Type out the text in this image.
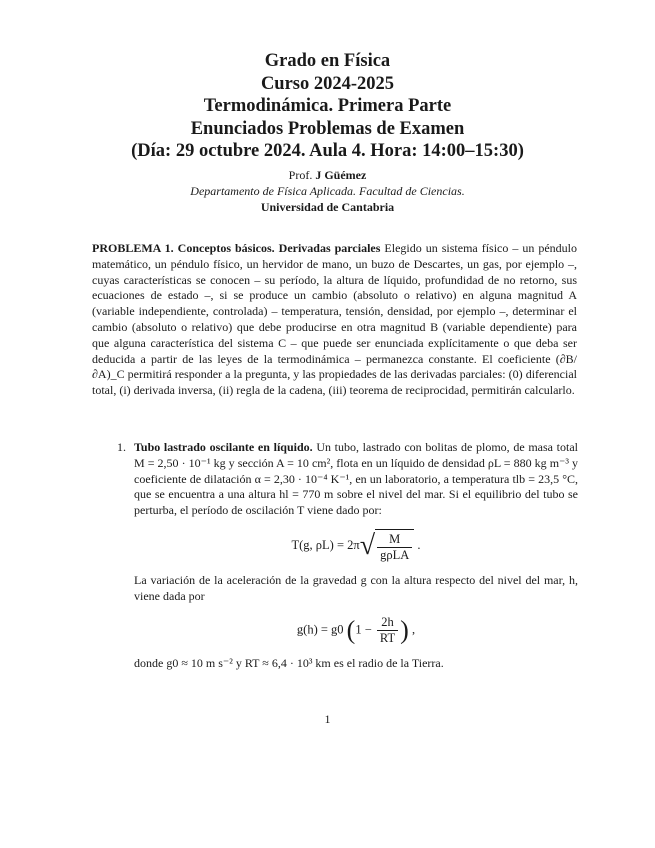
Grado en Física
Curso 2024-2025
Termodinámica. Primera Parte
Enunciados Problemas de Examen
(Día: 29 octubre 2024. Aula 4. Hora: 14:00–15:30)
Prof. J Güémez
Departamento de Física Aplicada. Facultad de Ciencias.
Universidad de Cantabria
PROBLEMA 1. Conceptos básicos. Derivadas parciales Elegido un sistema físico – un péndulo matemático, un péndulo físico, un hervidor de mano, un buzo de Descartes, un gas, por ejemplo –, cuyas características se conocen – su período, la altura de líquido, profundidad de no retorno, sus ecuaciones de estado –, si se produce un cambio (absoluto o relativo) en alguna magnitud A (variable independiente, controlada) – temperatura, tensión, densidad, por ejemplo –, determinar el cambio (absoluto o relativo) que debe producirse en otra magnitud B (variable dependiente) para que alguna característica del sistema C – que puede ser enunciada explícitamente o que deba ser deducida a partir de las leyes de la termodinámica – permanezca constante. El coeficiente (∂B/∂A)_C permitirá responder a la pregunta, y las propiedades de las derivadas parciales: (0) diferencial total, (i) derivada inversa, (ii) regla de la cadena, (iii) teorema de reciprocidad, permitirán calcularlo.
1. Tubo lastrado oscilante en líquido. Un tubo, lastrado con bolitas de plomo, de masa total M = 2,50 · 10⁻¹ kg y sección A = 10 cm², flota en un líquido de densidad ρL = 880 kg m⁻³ y coeficiente de dilatación α = 2,30 · 10⁻⁴ K⁻¹, en un laboratorio, a temperatura tlb = 23,5 °C, que se encuentra a una altura hl = 770 m sobre el nivel del mar. Si el equilibrio del tubo se perturba, el período de oscilación T viene dado por:
T(g, $\rho L) = 2\pi√ \frac{M}{\text{gρLA}}$ .
La variación de la aceleración de la gravedad g con la altura respecto del nivel del mar, h, viene dada por
g(h) = g0 ($1 - \frac{2h}{RT}$ ) ,
donde g0 ≈ 10 m s⁻² y RT ≈ 6,4 · 10³ km es el radio de la Tierra.
1
